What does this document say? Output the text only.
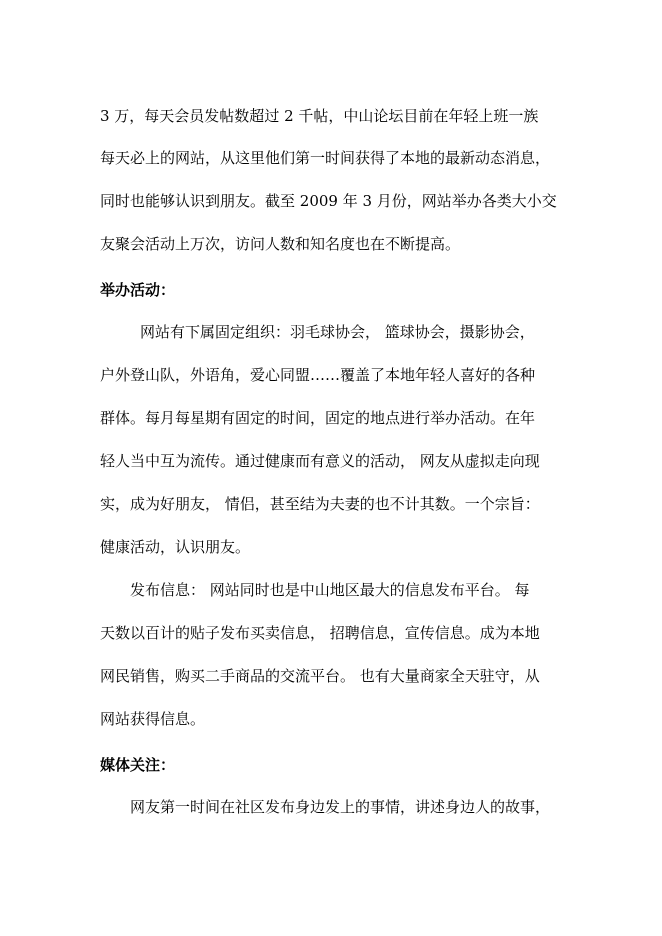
3 万，每天会员发帖数超过 2 千帖，中山论坛目前在年轻上班一族
每天必上的网站，从这里他们第一时间获得了本地的最新动态消息，
同时也能够认识到朋友。截至 2009 年 3 月份，网站举办各类大小交
友聚会活动上万次，访问人数和知名度也在不断提高。
举办活动：
网站有下属固定组织：羽毛球协会， 篮球协会，摄影协会，
户外登山队，外语角，爱心同盟……覆盖了本地年轻人喜好的各种
群体。每月每星期有固定的时间，固定的地点进行举办活动。在年
轻人当中互为流传。通过健康而有意义的活动， 网友从虚拟走向现
实，成为好朋友， 情侣，甚至结为夫妻的也不计其数。一个宗旨：
健康活动，认识朋友。
发布信息： 网站同时也是中山地区最大的信息发布平台。 每
天数以百计的贴子发布买卖信息， 招聘信息，宣传信息。成为本地
网民销售，购买二手商品的交流平台。 也有大量商家全天驻守，从
网站获得信息。
媒体关注：
网友第一时间在社区发布身边发上的事情，讲述身边人的故事，
